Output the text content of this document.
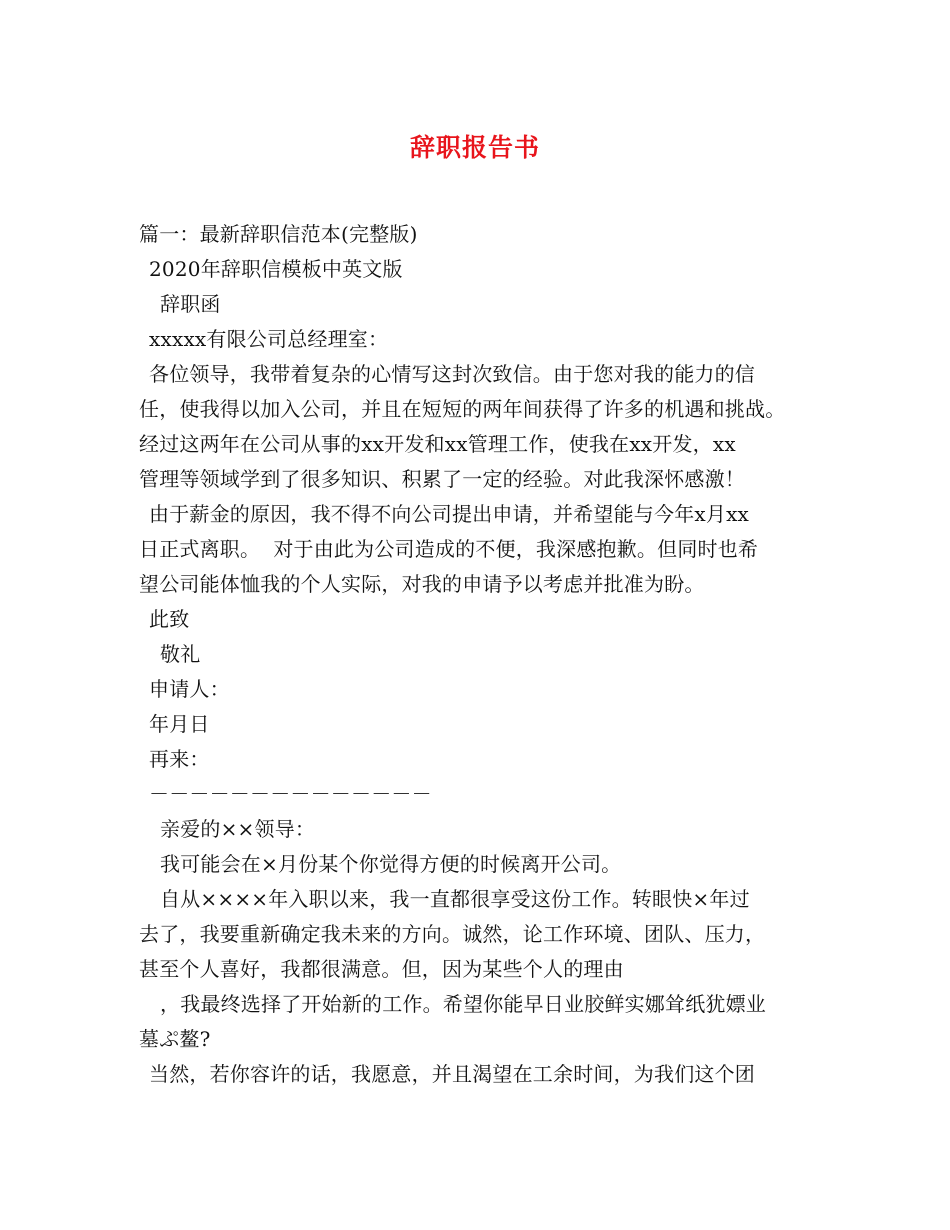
辞职报告书
篇一：最新辞职信范本(完整版)
2020年辞职信模板中英文版
辞职函
xxxxx有限公司总经理室：
各位领导，我带着复杂的心情写这封次致信。由于您对我的能力的信
任，使我得以加入公司，并且在短短的两年间获得了许多的机遇和挑战。
经过这两年在公司从事的xx开发和xx管理工作，使我在xx开发，xx
管理等领域学到了很多知识、积累了一定的经验。对此我深怀感激！
由于薪金的原因，我不得不向公司提出申请，并希望能与今年x月xx
日正式离职。  对于由此为公司造成的不便，我深感抱歉。但同时也希
望公司能体恤我的个人实际，对我的申请予以考虑并批准为盼。
此致
敬礼
申请人：
年月日
再来：
－－－－－－－－－－－－－－
亲爱的××领导：
我可能会在×月份某个你觉得方便的时候离开公司。
自从××××年入职以来，我一直都很享受这份工作。转眼快×年过
去了，我要重新确定我未来的方向。诚然，论工作环境、团队、压力，
甚至个人喜好，我都很满意。但，因为某些个人的理由
，我最终选择了开始新的工作。希望你能早日业胶鲜实娜耸纸犹嫖业
墓ぷ鳌?
当然，若你容许的话，我愿意，并且渴望在工余时间，为我们这个团
